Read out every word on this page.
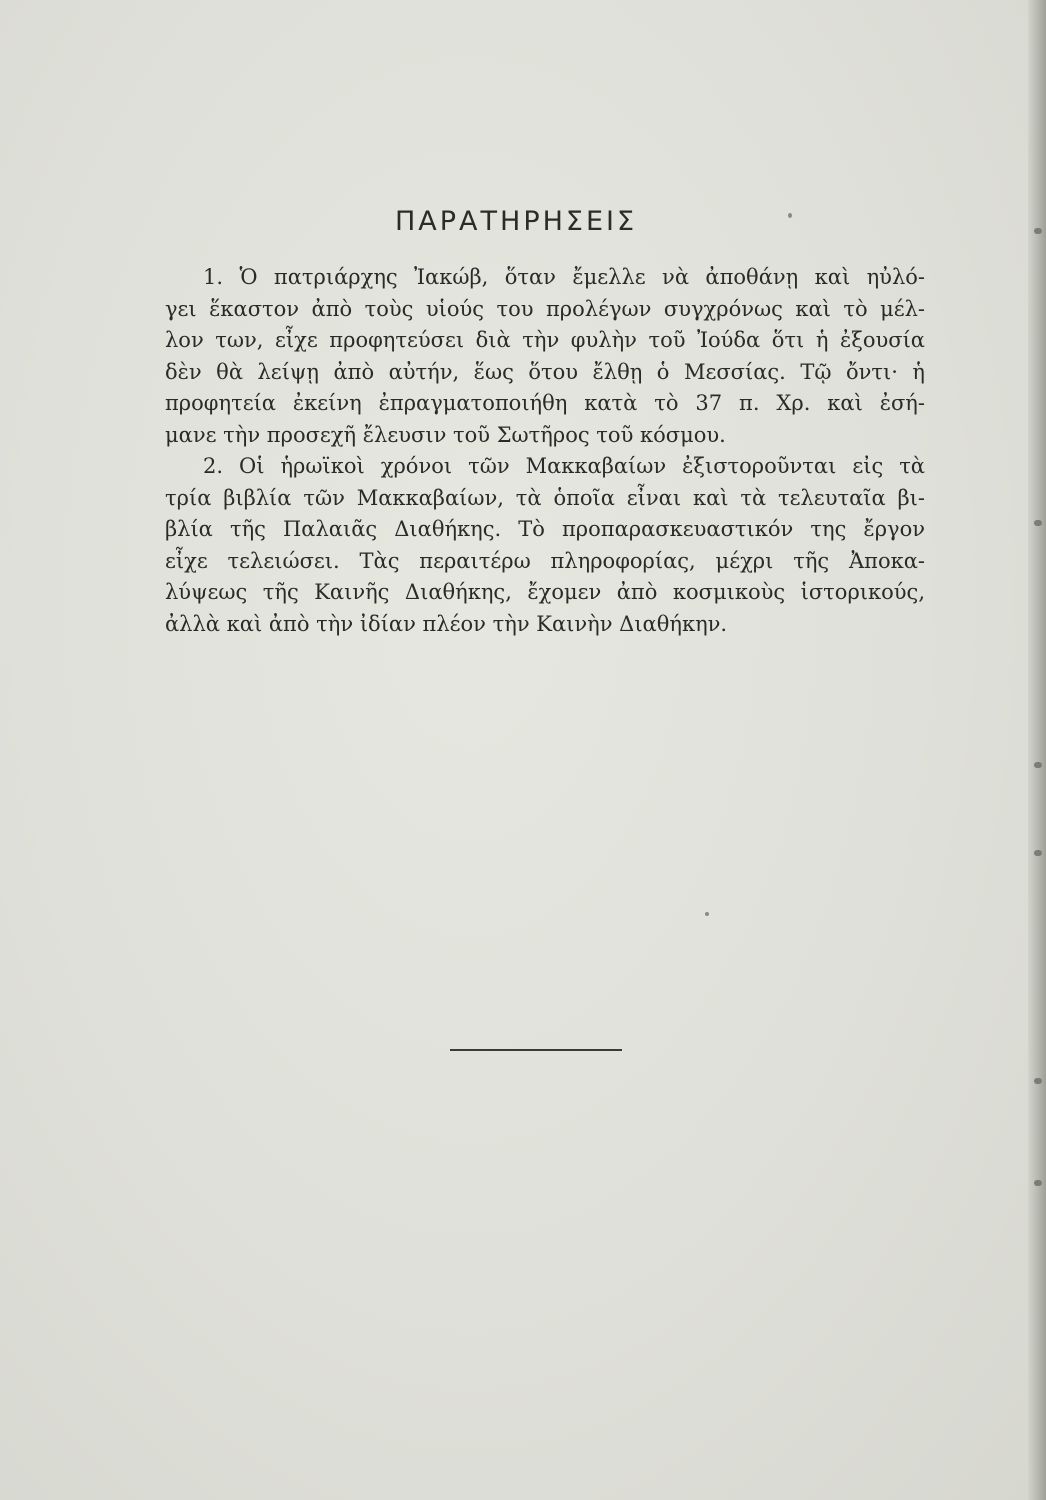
ΠΑΡΑΤΗΡΗΣΕΙΣ
1. Ὁ πατριάρχης Ἰακώβ, ὅταν ἔμελλε νὰ ἀποθάνῃ καὶ ηὐλό-
γει ἕκαστον ἀπὸ τοὺς υἱούς του προλέγων συγχρόνως καὶ τὸ μέλ-
λον των, εἶχε προφητεύσει διὰ τὴν φυλὴν τοῦ Ἰούδα ὅτι ἡ ἐξουσία
δὲν θὰ λείψῃ ἀπὸ αὐτήν, ἕως ὅτου ἔλθῃ ὁ Μεσσίας. Τῷ ὄντι· ἡ
προφητεία ἐκείνη ἐπραγματοποιήθη κατὰ τὸ 37 π. Χρ. καὶ ἐσή-
μανε τὴν προσεχῆ ἔλευσιν τοῦ Σωτῆρος τοῦ κόσμου.
2. Οἱ ἡρωϊκοὶ χρόνοι τῶν Μακκαβαίων ἐξιστοροῦνται εἰς τὰ
τρία βιβλία τῶν Μακκαβαίων, τὰ ὁποῖα εἶναι καὶ τὰ τελευταῖα βι-
βλία τῆς Παλαιᾶς Διαθήκης. Τὸ προπαρασκευαστικόν της ἔργον
εἶχε τελειώσει. Τὰς περαιτέρω πληροφορίας, μέχρι τῆς Ἀποκα-
λύψεως τῆς Καινῆς Διαθήκης, ἔχομεν ἀπὸ κοσμικοὺς ἱστορικούς,
ἀλλὰ καὶ ἀπὸ τὴν ἰδίαν πλέον τὴν Καινὴν Διαθήκην.
